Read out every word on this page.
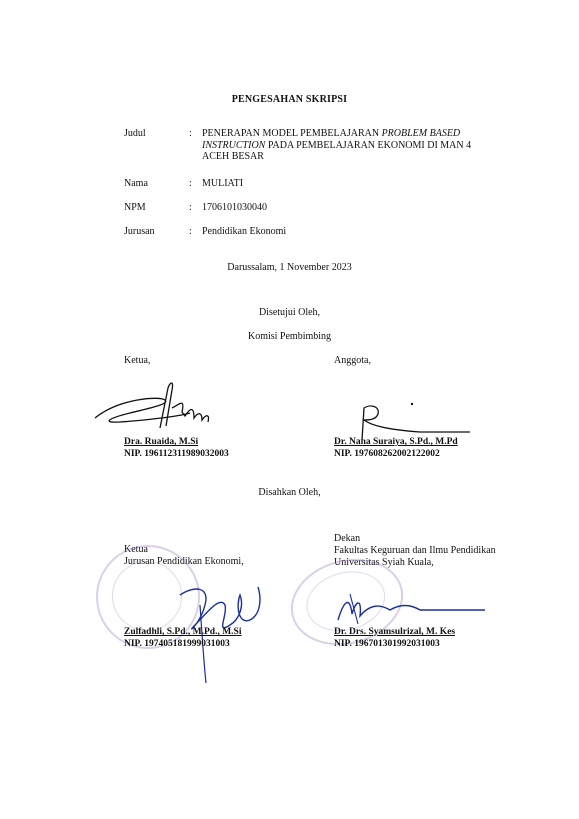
PENGESAHAN SKRIPSI
Judul	: PENERAPAN MODEL PEMBELAJARAN PROBLEM BASED
INSTRUCTION PADA PEMBELAJARAN EKONOMI DI MAN 4
ACEH BESAR
Nama	: MULIATI
NPM	: 1706101030040
Jurusan	: Pendidikan Ekonomi
Darussalam, 1 November 2023
Disetujui Oleh,
Komisi Pembimbing
Ketua,	Anggota,
Dra. Ruaida, M.Si
NIP. 196112311989032003
Dr. Nana Suraiya, S.Pd., M.Pd
NIP. 197608262002122002
Disahkan Oleh,
Ketua
Jurusan Pendidikan Ekonomi,
Dekan
Fakultas Keguruan dan Ilmu Pendidikan
Universitas Syiah Kuala,
Zulfadhli, S.Pd., M.Pd., M.Si
NIP. 197405181999031003
Dr. Drs. Syamsulrizal, M. Kes
NIP. 196701301992031003
